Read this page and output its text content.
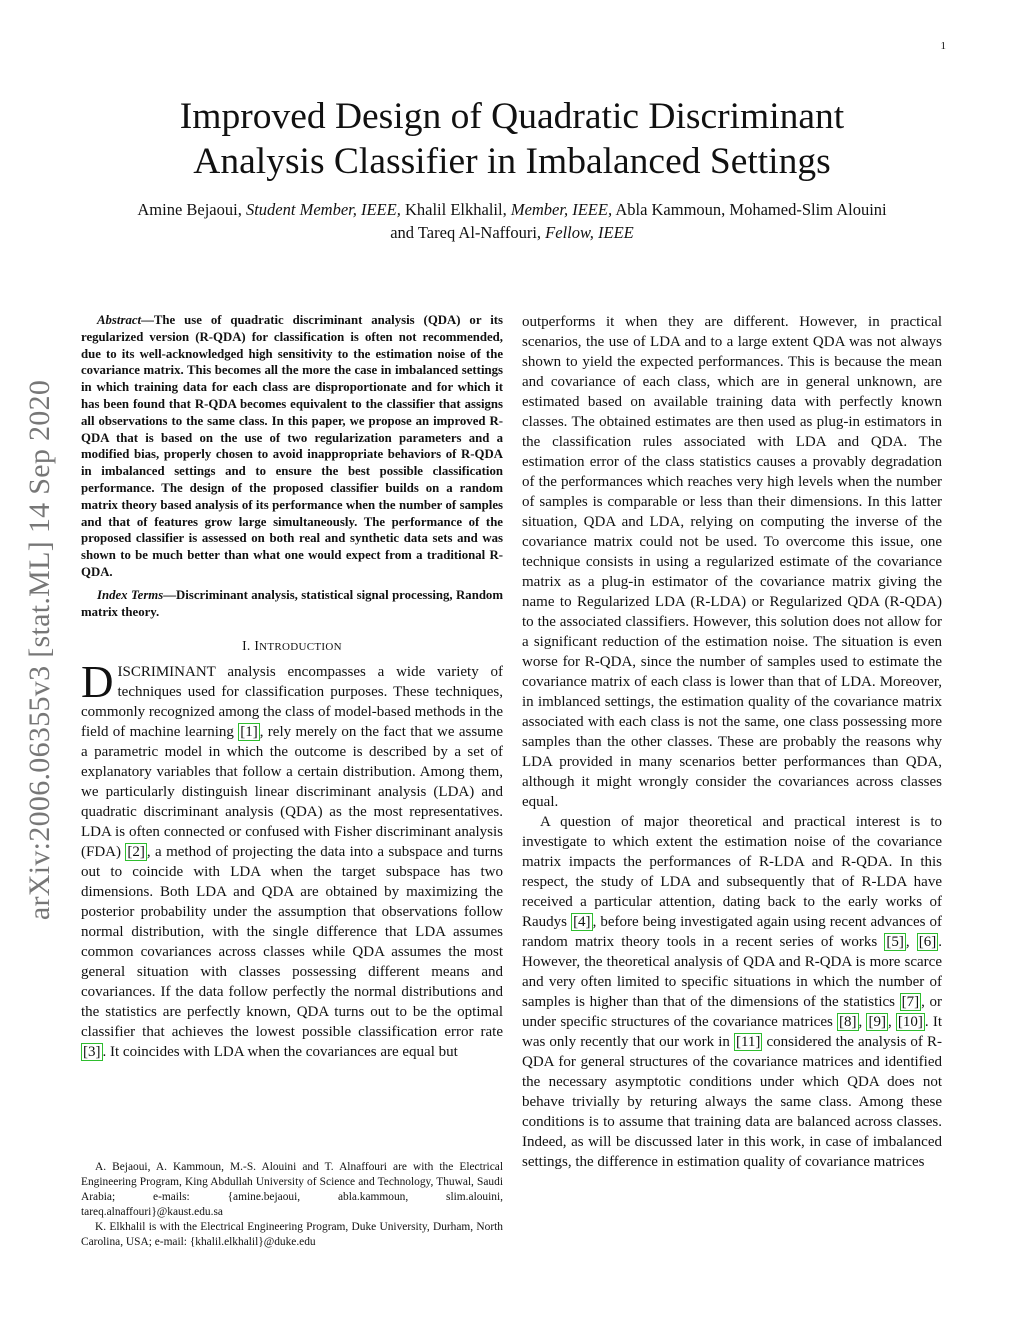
1
arXiv:2006.06355v3 [stat.ML] 14 Sep 2020
Improved Design of Quadratic Discriminant
Analysis Classifier in Imbalanced Settings
Amine Bejaoui, Student Member, IEEE, Khalil Elkhalil, Member, IEEE, Abla Kammoun, Mohamed-Slim Alouini
and Tareq Al-Naffouri, Fellow, IEEE

Abstract—The use of quadratic discriminant analysis (QDA) or its regularized version (R-QDA) for classification is often not recommended, due to its well-acknowledged high sensitivity to the estimation noise of the covariance matrix. This becomes all the more the case in imbalanced settings in which training data for each class are disproportionate and for which it has been found that R-QDA becomes equivalent to the classifier that assigns all observations to the same class. In this paper, we propose an improved R-QDA that is based on the use of two regularization parameters and a modified bias, properly chosen to avoid inappropriate behaviors of R-QDA in imbalanced settings and to ensure the best possible classification performance. The design of the proposed classifier builds on a random matrix theory based analysis of its performance when the number of samples and that of features grow large simultaneously. The performance of the proposed classifier is assessed on both real and synthetic data sets and was shown to be much better than what one would expect from a traditional R-QDA.

Index Terms—Discriminant analysis, statistical signal processing, Random matrix theory.

I. INTRODUCTION

DISCRIMINANT analysis encompasses a wide variety of techniques used for classification purposes. These techniques, commonly recognized among the class of model-based methods in the field of machine learning [1] , rely merely on the fact that we assume a parametric model in which the outcome is described by a set of explanatory variables that follow a certain distribution. Among them, we particularly distinguish linear discriminant analysis (LDA) and quadratic discriminant analysis (QDA) as the most representatives. LDA is often connected or confused with Fisher discriminant analysis (FDA) [2] , a method of projecting the data into a subspace and turns out to coincide with LDA when the target subspace has two dimensions. Both LDA and QDA are obtained by maximizing the posterior probability under the assumption that observations follow normal distribution, with the single difference that LDA assumes common covariances across classes while QDA assumes the most general situation with classes possessing different means and covariances. If the data follow perfectly the normal distributions and the statistics are perfectly known, QDA turns out to be the optimal classifier that achieves the lowest possible classification error rate [3] . It coincides with LDA when the covariances are equal but

A. Bejaoui, A. Kammoun, M.-S. Alouini and T. Alnaffouri are with the Electrical Engineering Program, King Abdullah University of Science and Technology, Thuwal, Saudi Arabia; e-mails: {amine.bejaoui, abla.kammoun, slim.alouini, tareq.alnaffouri}@kaust.edu.sa

K. Elkhalil is with the Electrical Engineering Program, Duke University, Durham, North Carolina, USA; e-mail: {khalil.elkhalil}@duke.edu

outperforms it when they are different. However, in practical scenarios, the use of LDA and to a large extent QDA was not always shown to yield the expected performances. This is because the mean and covariance of each class, which are in general unknown, are estimated based on available training data with perfectly known classes. The obtained estimates are then used as plug-in estimators in the classification rules associated with LDA and QDA. The estimation error of the class statistics causes a provably degradation of the performances which reaches very high levels when the number of samples is comparable or less than their dimensions. In this latter situation, QDA and LDA, relying on computing the inverse of the covariance matrix could not be used. To overcome this issue, one technique consists in using a regularized estimate of the covariance matrix as a plug-in estimator of the covariance matrix giving the name to Regularized LDA (R-LDA) or Regularized QDA (R-QDA) to the associated classifiers. However, this solution does not allow for a significant reduction of the estimation noise. The situation is even worse for R-QDA, since the number of samples used to estimate the covariance matrix of each class is lower than that of LDA. Moreover, in imblanced settings, the estimation quality of the covariance matrix associated with each class is not the same, one class possessing more samples than the other classes. These are probably the reasons why LDA provided in many scenarios better performances than QDA, although it might wrongly consider the covariances across classes equal.

A question of major theoretical and practical interest is to investigate to which extent the estimation noise of the covariance matrix impacts the performances of R-LDA and R-QDA. In this respect, the study of LDA and subsequently that of R-LDA have received a particular attention, dating back to the early works of Raudys [4] , before being investigated again using recent advances of random matrix theory tools in a recent series of works [5] , [6] . However, the theoretical analysis of QDA and R-QDA is more scarce and very often limited to specific situations in which the number of samples is higher than that of the dimensions of the statistics [7] , or under specific structures of the covariance matrices [8] , [9] , [10] . It was only recently that our work in [11] considered the analysis of R-QDA for general structures of the covariance matrices and identified the necessary asymptotic conditions under which QDA does not behave trivially by returing always the same class. Among these conditions is to assume that training data are balanced across classes. Indeed, as will be discussed later in this work, in case of imbalanced settings, the difference in estimation quality of covariance matrices
